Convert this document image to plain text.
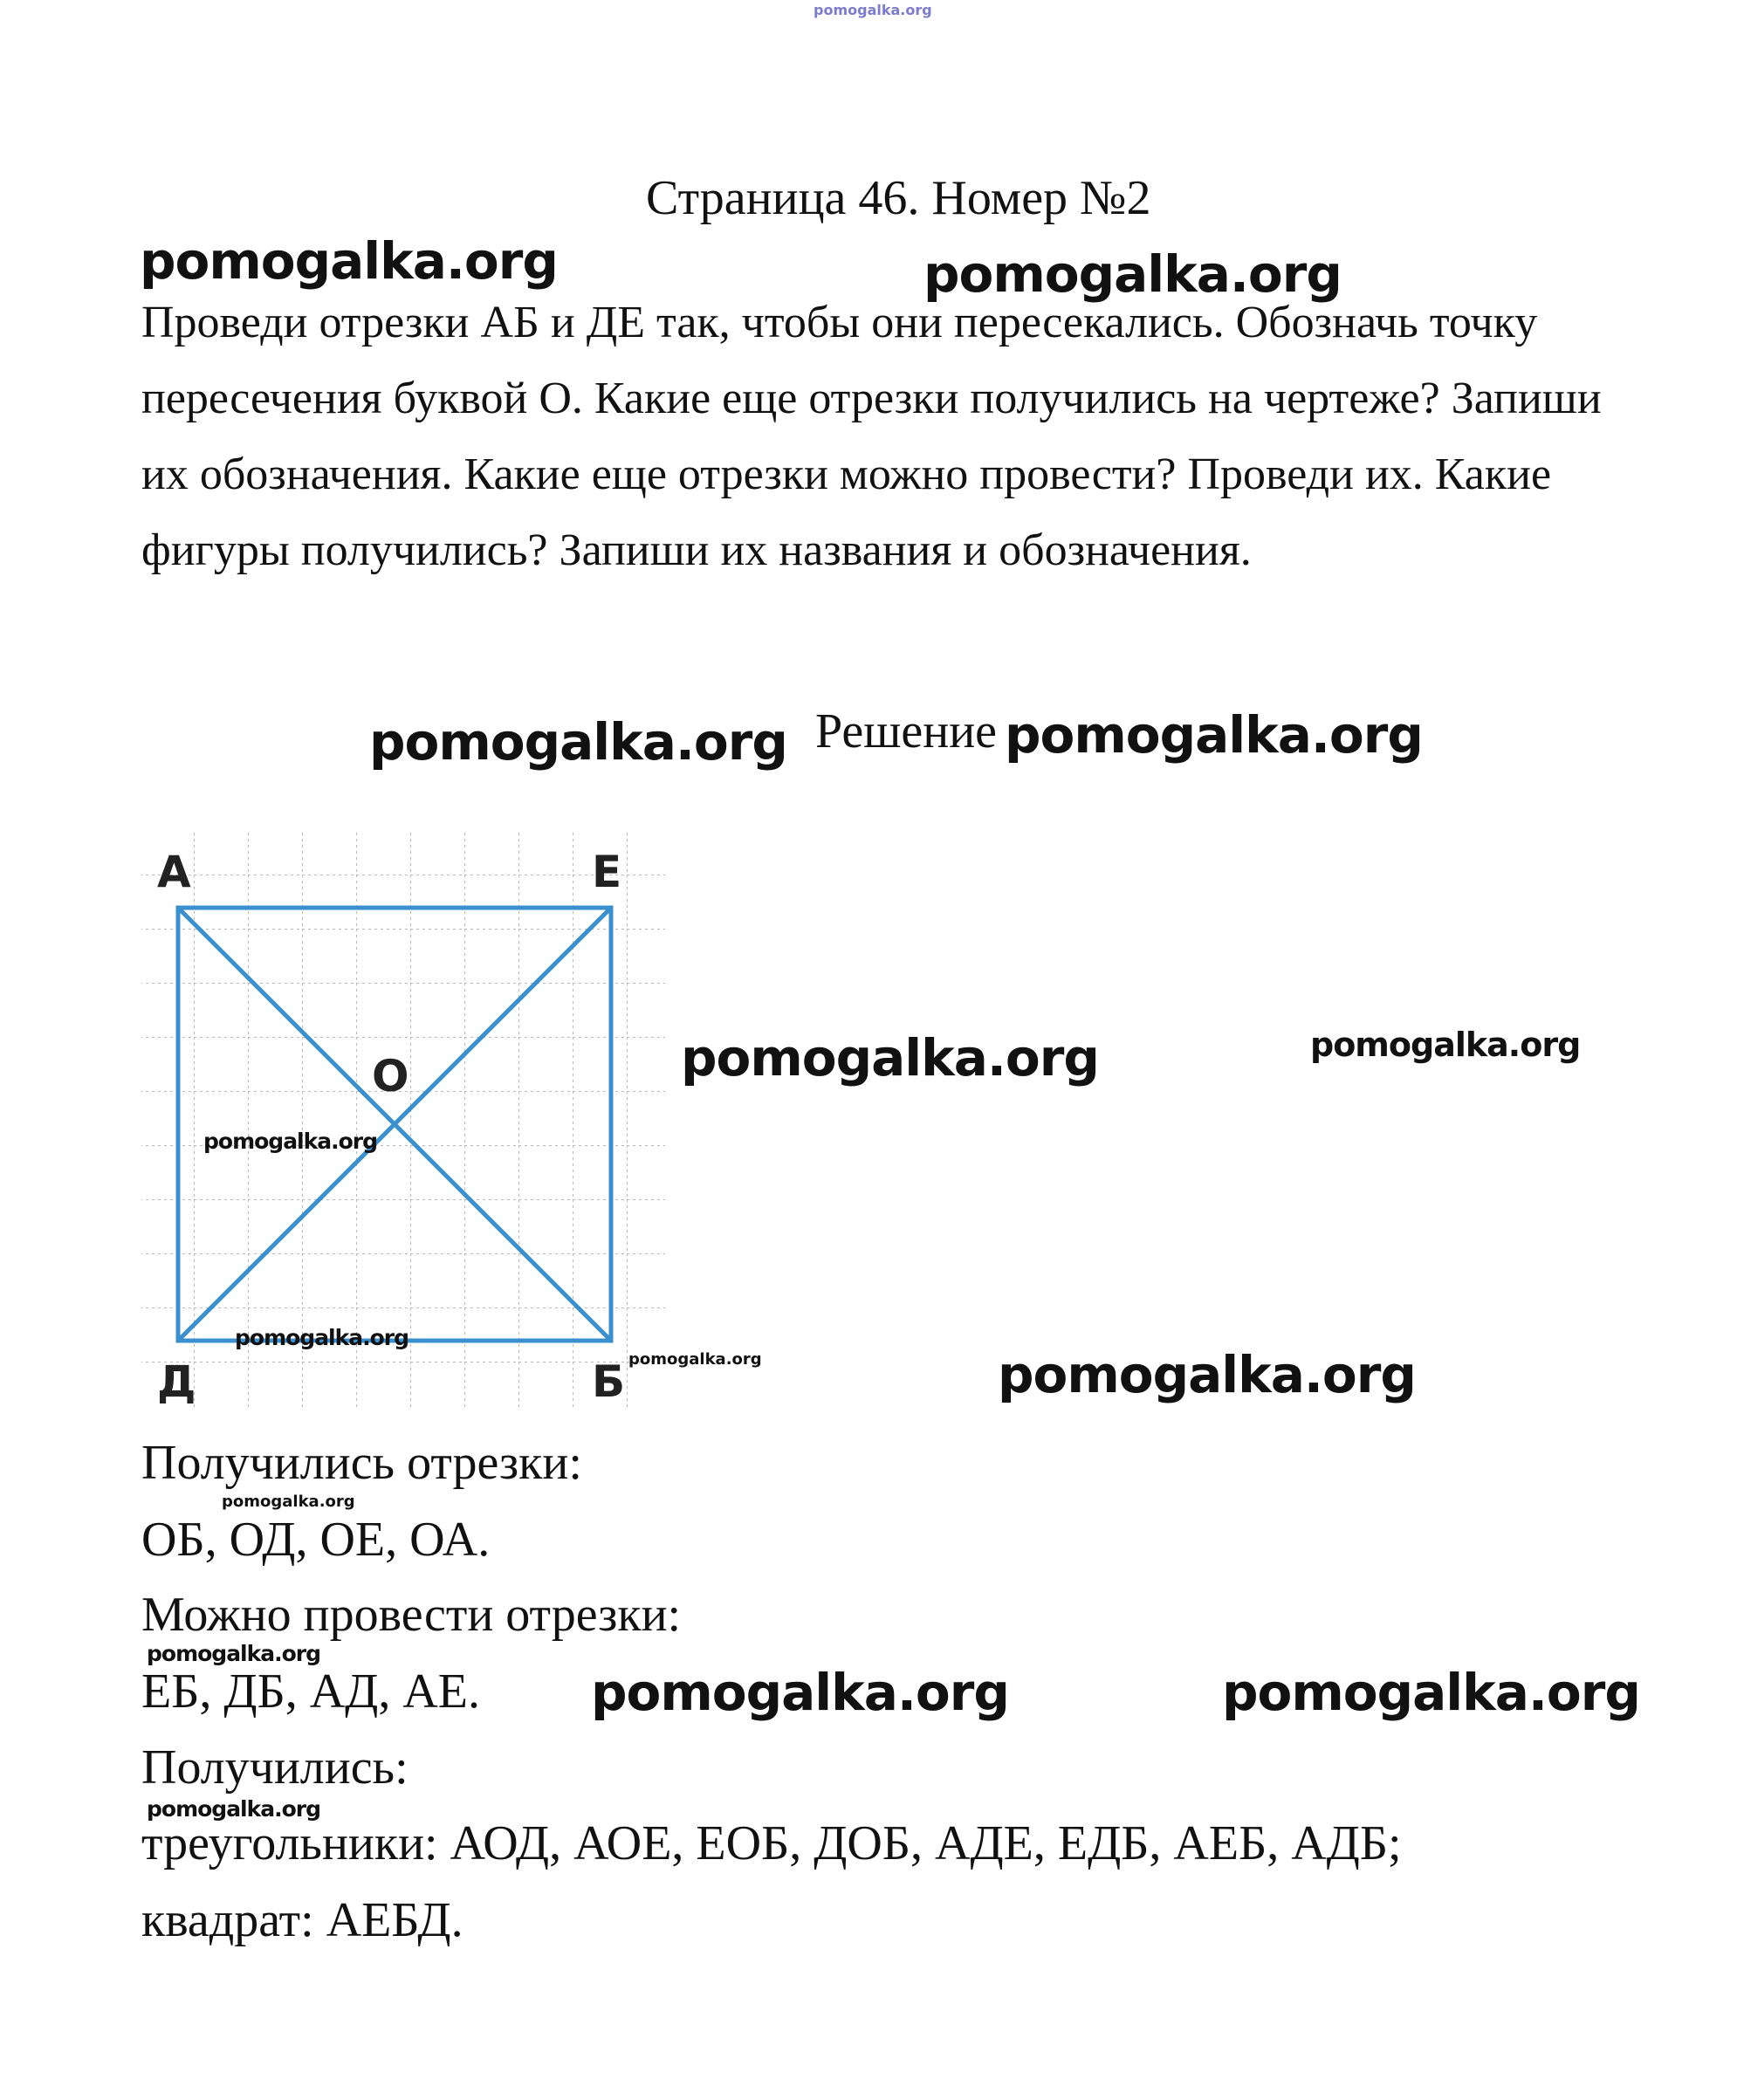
pomogalka.org
Страница 46. Номер №2
pomogalka.org	pomogalka.org

Проведи отрезки АБ и ДЕ так, чтобы они пересекались. Обозначь точку пересечения буквой О. Какие еще отрезки получились на чертеже? Запиши их обозначения. Какие еще отрезки можно провести? Проведи их. Какие фигуры получились? Запиши их названия и обозначения.

pomogalka.org Решение pomogalka.org
А	Е
О
Д	Б
pomogalka.org
pomogalka.org
pomogalka.org
pomogalka.org	pomogalka.org
pomogalka.org

Получились отрезки:

pomogalka.org

ОБ, ОД, ОЕ, ОА.

Можно провести отрезки:

pomogalka.org

ЕБ, ДБ, АД, АЕ. pomogalka.org	pomogalka.org

Получились:

pomogalka.org

треугольники: АОД, АОЕ, ЕОБ, ДОБ, АДЕ, ЕДБ, АЕБ, АДБ;

квадрат: АЕБД.
